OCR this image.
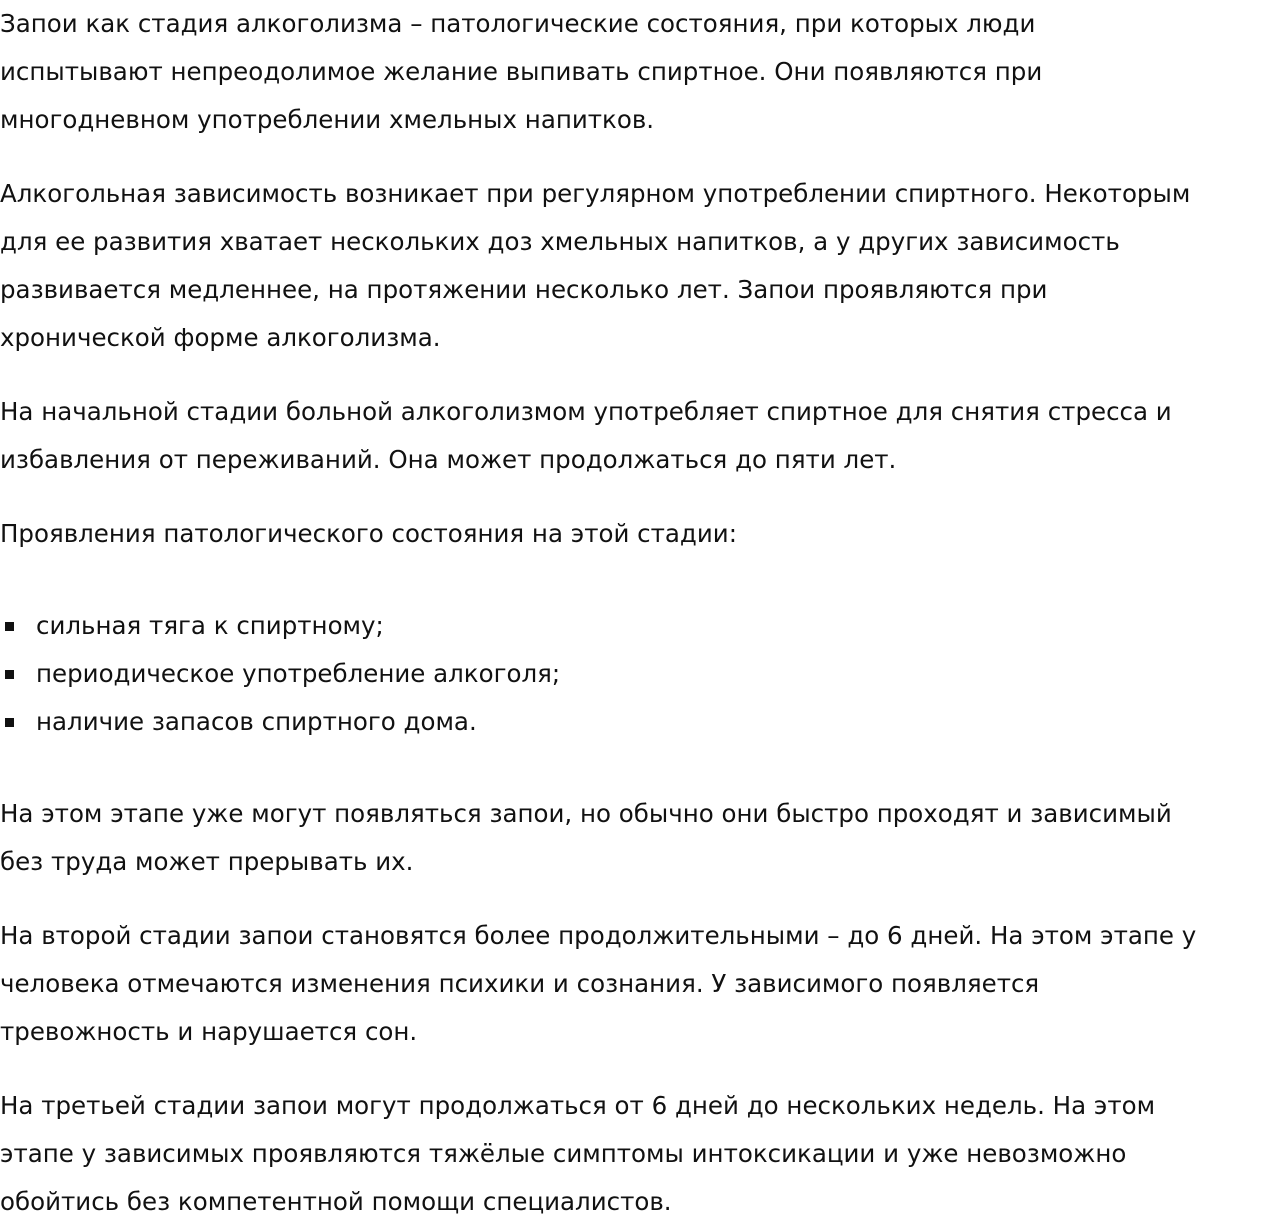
Запои как стадия алкоголизма – патологические состояния, при которых люди
испытывают непреодолимое желание выпивать спиртное. Они появляются при
многодневном употреблении хмельных напитков.

Алкогольная зависимость возникает при регулярном употреблении спиртного. Некоторым
для ее развития хватает нескольких доз хмельных напитков, а у других зависимость
развивается медленнее, на протяжении несколько лет. Запои проявляются при
хронической форме алкоголизма.

На начальной стадии больной алкоголизмом употребляет спиртное для снятия стресса и
избавления от переживаний. Она может продолжаться до пяти лет.

Проявления патологического состояния на этой стадии:

сильная тяга к спиртному;
периодическое употребление алкоголя;
наличие запасов спиртного дома.

На этом этапе уже могут появляться запои, но обычно они быстро проходят и зависимый
без труда может прерывать их.

На второй стадии запои становятся более продолжительными – до 6 дней. На этом этапе у
человека отмечаются изменения психики и сознания. У зависимого появляется
тревожность и нарушается сон.

На третьей стадии запои могут продолжаться от 6 дней до нескольких недель. На этом
этапе у зависимых проявляются тяжёлые симптомы интоксикации и уже невозможно
обойтись без компетентной помощи специалистов.
